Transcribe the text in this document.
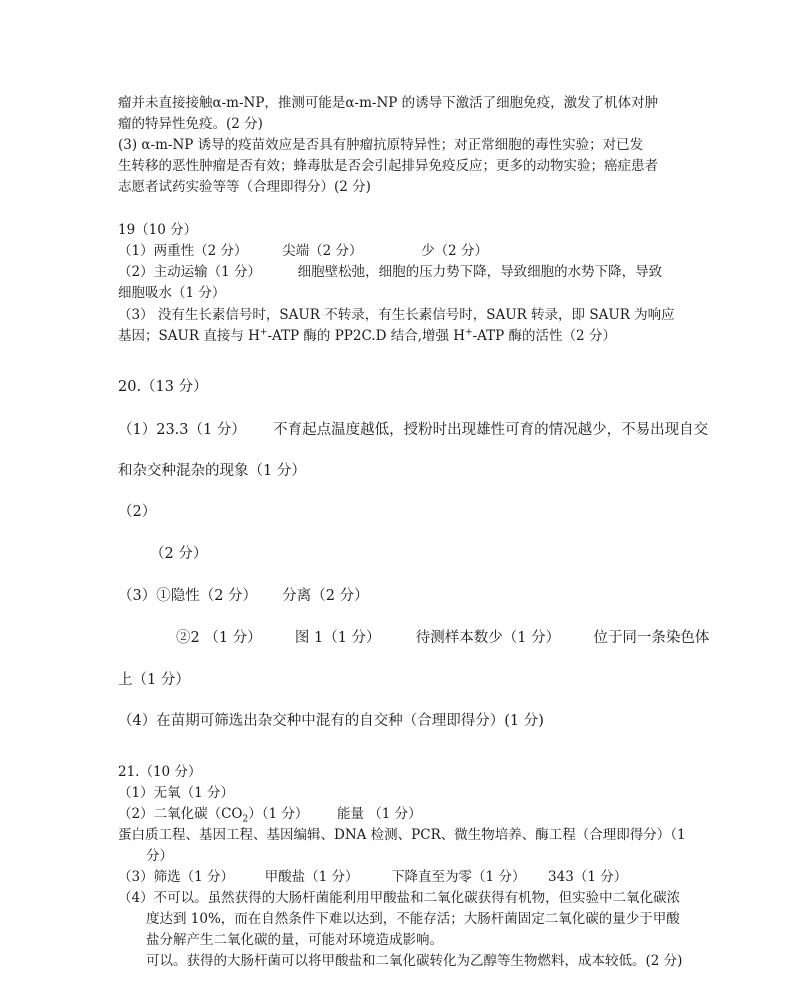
瘤并未直接接触α-m-NP，推测可能是α-m-NP 的诱导下激活了细胞免疫，激发了机体对肿
瘤的特异性免疫。(2 分)
(3) α-m-NP 诱导的疫苗效应是否具有肿瘤抗原特异性；对正常细胞的毒性实验；对已发
生转移的恶性肿瘤是否有效；蜂毒肽是否会引起排异免疫反应；更多的动物实验；癌症患者
志愿者试药实验等等（合理即得分）(2 分)
19（10 分）
（1）两重性（2 分）	尖端（2 分）	少（2 分）
（2）主动运输（1 分）	细胞壁松弛，细胞的压力势下降，导致细胞的水势下降，导致
细胞吸水（1 分）
（3） 没有生长素信号时，SAUR 不转录，有生长素信号时，SAUR 转录，即 SAUR 为响应
基因；SAUR 直接与 H+-ATP 酶的 PP2C.D 结合,增强 H+-ATP 酶的活性（2 分）
20.（13 分）
（1）23.3（1 分） 不育起点温度越低，授粉时出现雄性可育的情况越少，不易出现自交
和杂交种混杂的现象（1 分）
（2）
（2 分）
（3）①隐性（2 分） 分离（2 分）
②2 （1 分） 图 1（1 分） 待测样本数少（1 分） 位于同一条染色体
上（1 分）
（4）在苗期可筛选出杂交种中混有的自交种（合理即得分）(1 分)
21.（10 分）
（1）无氧（1 分）
（2）二氧化碳$(CO_2)(1$ 分） 能量 （1 分）
蛋白质工程、基因工程、基因编辑、DNA 检测、PCR、微生物培养、酶工程（合理即得分）（1
分）
（3）筛选（1 分） 甲酸盐（1 分） 下降直至为零（1 分） 343（1 分）
（4）不可以。虽然获得的大肠杆菌能利用甲酸盐和二氧化碳获得有机物，但实验中二氧化碳浓
度达到 10%，而在自然条件下难以达到，不能存活；大肠杆菌固定二氧化碳的量少于甲酸
盐分解产生二氧化碳的量，可能对环境造成影响。
可以。获得的大肠杆菌可以将甲酸盐和二氧化碳转化为乙醇等生物燃料，成本较低。(2 分)
